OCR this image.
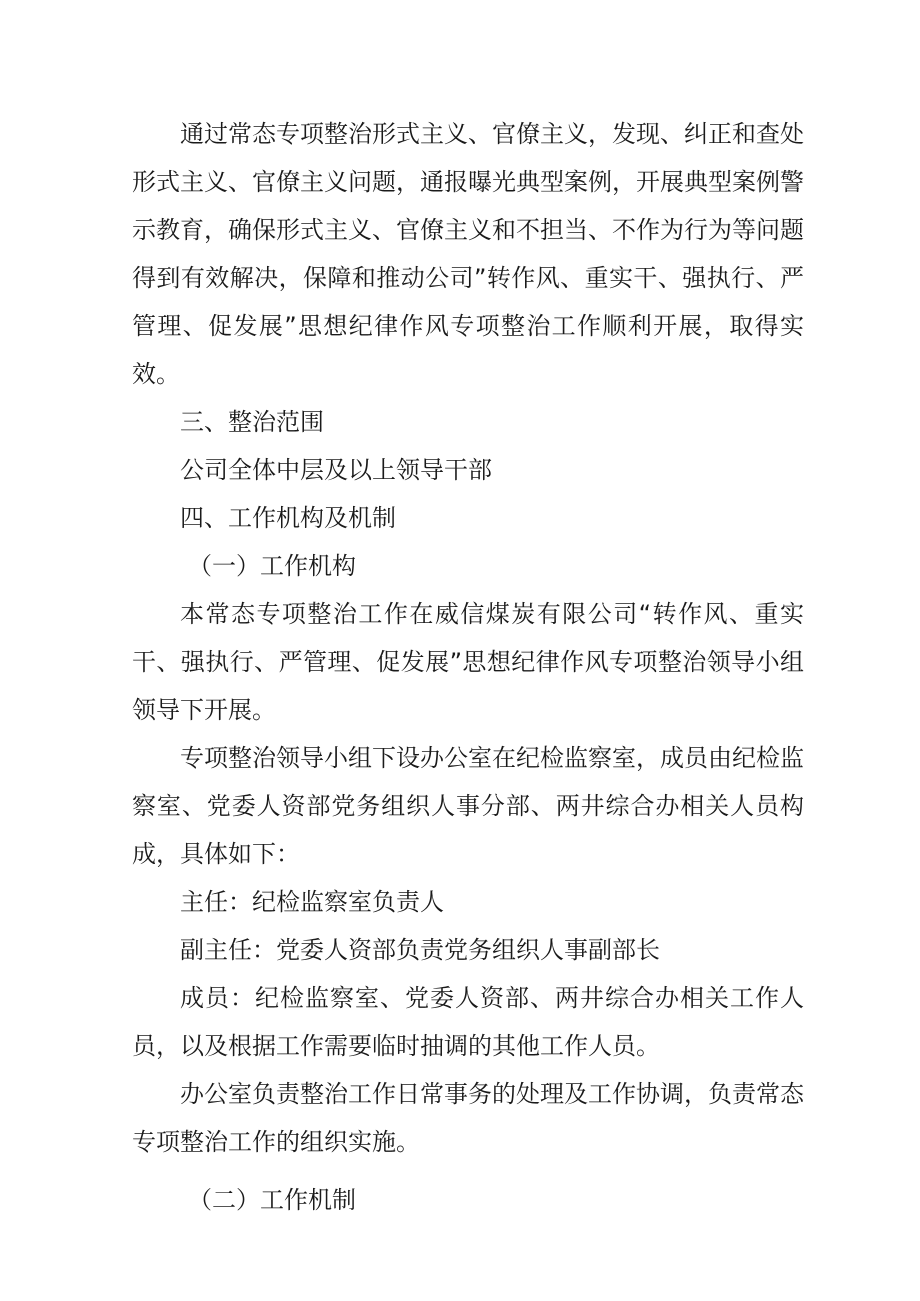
通过常态专项整治形式主义、官僚主义，发现、纠正和查处形式主义、官僚主义问题，通报曝光典型案例，开展典型案例警示教育，确保形式主义、官僚主义和不担当、不作为行为等问题得到有效解决，保障和推动公司”转作风、重实干、强执行、严管理、促发展”思想纪律作风专项整治工作顺利开展，取得实效。

三、整治范围

公司全体中层及以上领导干部

四、工作机构及机制

（一）工作机构

本常态专项整治工作在威信煤炭有限公司“转作风、重实干、强执行、严管理、促发展”思想纪律作风专项整治领导小组领导下开展。

专项整治领导小组下设办公室在纪检监察室，成员由纪检监察室、党委人资部党务组织人事分部、两井综合办相关人员构成，具体如下：

主任：纪检监察室负责人

副主任：党委人资部负责党务组织人事副部长

成员：纪检监察室、党委人资部、两井综合办相关工作人员，以及根据工作需要临时抽调的其他工作人员。

办公室负责整治工作日常事务的处理及工作协调，负责常态专项整治工作的组织实施。

（二）工作机制
